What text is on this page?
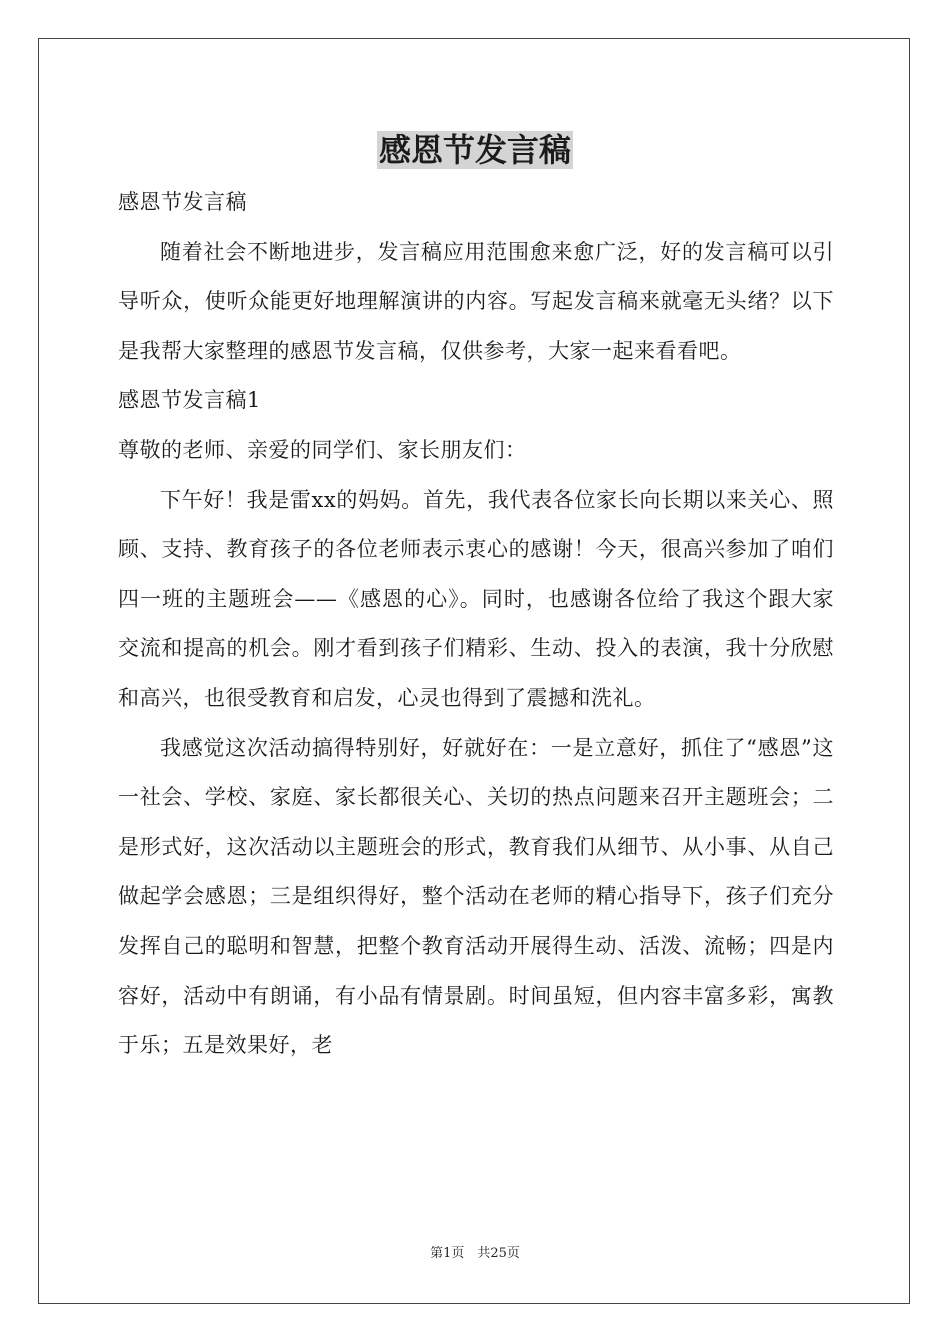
感恩节发言稿

感恩节发言稿

随着社会不断地进步，发言稿应用范围愈来愈广泛，好的发言稿可以引导听众，使听众能更好地理解演讲的内容。写起发言稿来就毫无头绪？以下是我帮大家整理的感恩节发言稿，仅供参考，大家一起来看看吧。

感恩节发言稿1

尊敬的老师、亲爱的同学们、家长朋友们：

下午好！我是雷xx的妈妈。首先，我代表各位家长向长期以来关心、照顾、支持、教育孩子的各位老师表示衷心的感谢！今天，很高兴参加了咱们四一班的主题班会——《感恩的心》。同时，也感谢各位给了我这个跟大家交流和提高的机会。刚才看到孩子们精彩、生动、投入的表演，我十分欣慰和高兴，也很受教育和启发，心灵也得到了震撼和洗礼。

我感觉这次活动搞得特别好，好就好在：一是立意好，抓住了“感恩”这一社会、学校、家庭、家长都很关心、关切的热点问题来召开主题班会；二是形式好，这次活动以主题班会的形式，教育我们从细节、从小事、从自己做起学会感恩；三是组织得好，整个活动在老师的精心指导下，孩子们充分发挥自己的聪明和智慧，把整个教育活动开展得生动、活泼、流畅；四是内容好，活动中有朗诵，有小品有情景剧。时间虽短，但内容丰富多彩，寓教于乐；五是效果好，老

第1页　共25页
